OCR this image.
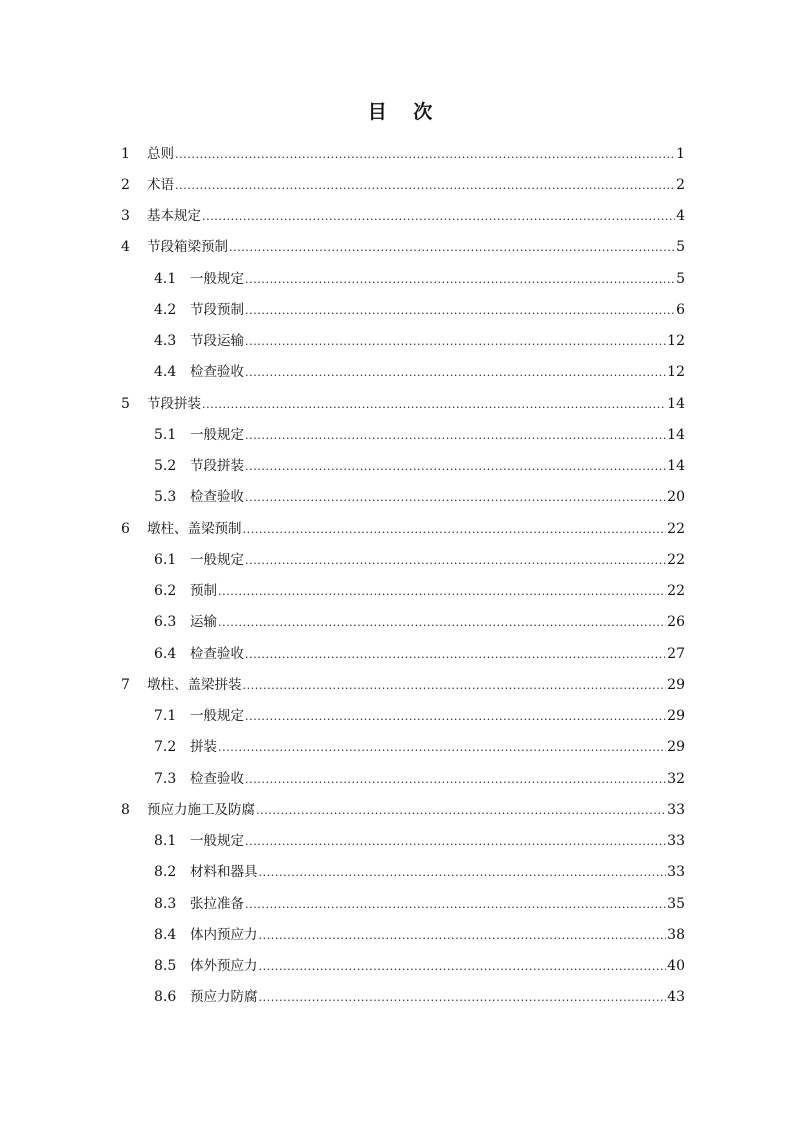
目 次
1	总则 .....	1
2	术语 .....	2
3	基本规定 .....	4
4	节段箱梁预制 .....	5
4.1	一般规定 .....	5
4.2	节段预制 .....	6
4.3	节段运输 .....	12
4.4	检查验收 .....	12
5	节段拼装 .....	14
5.1	一般规定 .....	14
5.2	节段拼装 .....	14
5.3	检查验收 .....	20
6	墩柱、盖梁预制 .....	22
6.1	一般规定 .....	22
6.2	预制 .....	22
6.3	运输 .....	26
6.4	检查验收 .....	27
7	墩柱、盖梁拼装 .....	29
7.1	一般规定 .....	29
7.2	拼装 .....	29
7.3	检查验收 .....	32
8	预应力施工及防腐 .....	33
8.1	一般规定 .....	33
8.2	材料和器具 .....	33
8.3	张拉准备 .....	35
8.4	体内预应力 .....	38
8.5	体外预应力 .....	40
8.6	预应力防腐 .....	43
